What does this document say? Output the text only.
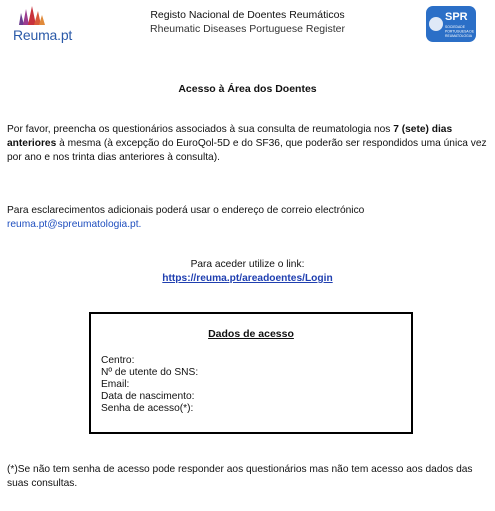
Reuma.pt
Registo Nacional de Doentes Reumáticos
Rheumatic Diseases Portuguese Register
SPR
SOCIEDADE
PORTUGUESA DE
REUMATOLOGIA
Acesso à Área dos Doentes
Por favor, preencha os questionários associados à sua consulta de reumatologia nos 7 (sete) dias anteriores à mesma (à excepção do EuroQol-5D e do SF36, que poderão ser respondidos uma única vez por ano e nos trinta dias anteriores à consulta).
Para esclarecimentos adicionais poderá usar o endereço de correio electrónico
reuma.pt@spreumatologia.pt.
Para aceder utilize o link:
https://reuma.pt/areadoentes/Login
Dados de acesso
Centro:
Nº de utente do SNS:
Email:
Data de nascimento:
Senha de acesso(*):
(*)Se não tem senha de acesso pode responder aos questionários mas não tem acesso aos dados das suas consultas.
